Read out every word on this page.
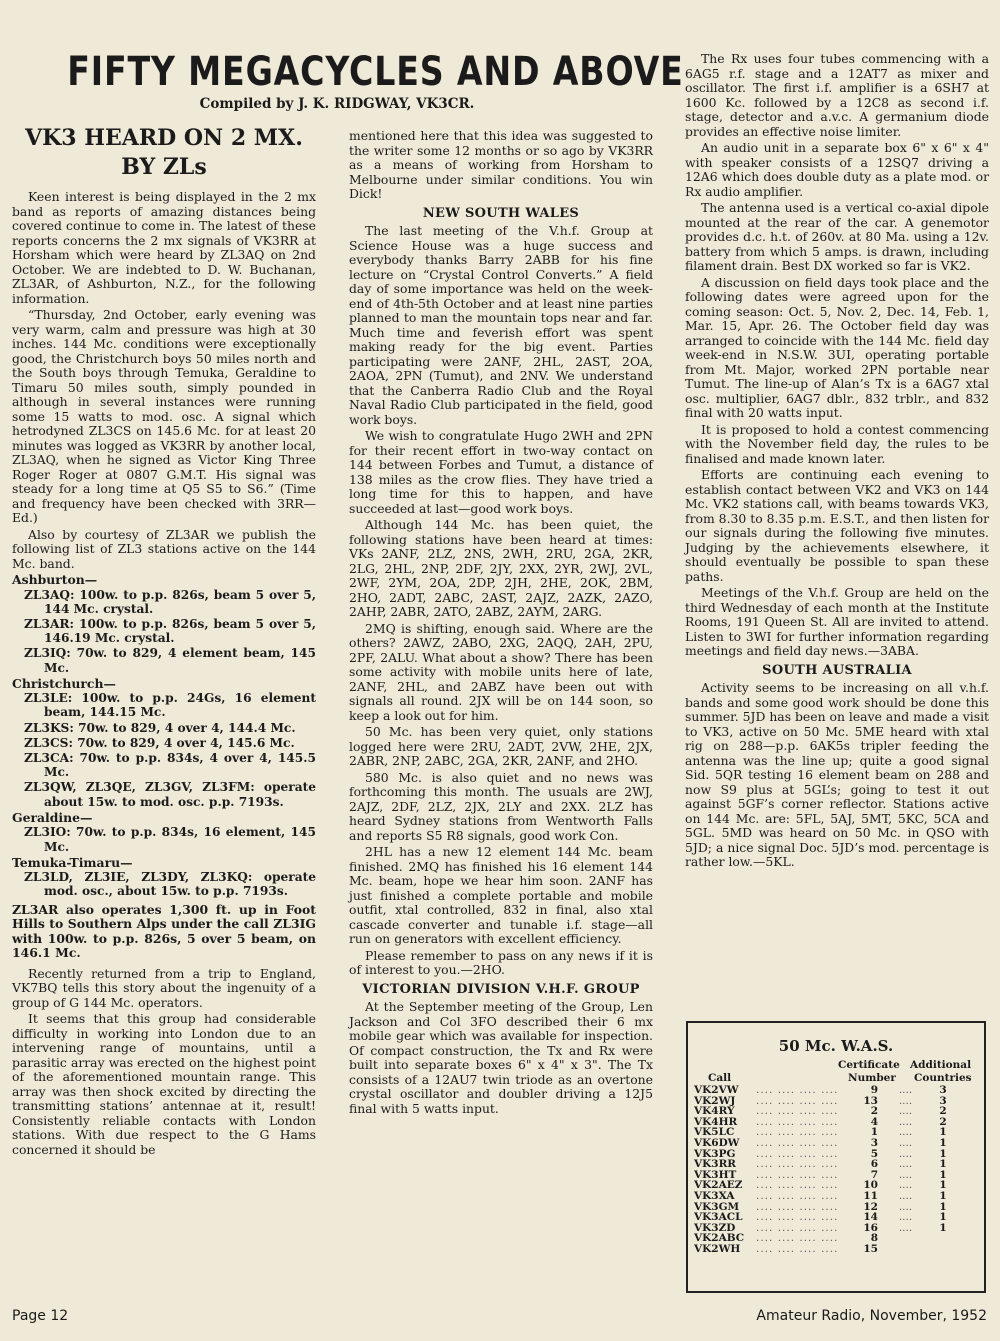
FIFTY MEGACYCLES AND ABOVE
Compiled by J. K. RIDGWAY, VK3CR.
VK3 HEARD ON 2 MX.
BY ZLs

Keen interest is being displayed in the 2 mx band as reports of amazing distances being covered continue to come in. The latest of these reports concerns the 2 mx signals of VK3RR at Horsham which were heard by ZL3AQ on 2nd October. We are indebted to D. W. Buchanan, ZL3AR, of Ashburton, N.Z., for the following information.

“Thursday, 2nd October, early evening was very warm, calm and pressure was high at 30 inches. 144 Mc. conditions were exceptionally good, the Christchurch boys 50 miles north and the South boys through Temuka, Geraldine to Timaru 50 miles south, simply pounded in although in several instances were running some 15 watts to mod. osc. A signal which hetrodyned ZL3CS on 145.6 Mc. for at least 20 minutes was logged as VK3RR by another local, ZL3AQ, when he signed as Victor King Three Roger Roger at 0807 G.M.T. His signal was steady for a long time at Q5 S5 to S6.” (Time and frequency have been checked with 3RR—Ed.)

Also by courtesy of ZL3AR we publish the following list of ZL3 stations active on the 144 Mc. band.

Ashburton—
ZL3AQ: 100w. to p.p. 826s, beam 5 over 5, 144 Mc. crystal.
ZL3AR: 100w. to p.p. 826s, beam 5 over 5, 146.19 Mc. crystal.
ZL3IQ: 70w. to 829, 4 element beam, 145 Mc.
Christchurch—
ZL3LE: 100w. to p.p. 24Gs, 16 element beam, 144.15 Mc.
ZL3KS: 70w. to 829, 4 over 4, 144.4 Mc.
ZL3CS: 70w. to 829, 4 over 4, 145.6 Mc.
ZL3CA: 70w. to p.p. 834s, 4 over 4, 145.5 Mc.
ZL3QW, ZL3QE, ZL3GV, ZL3FM: operate about 15w. to mod. osc. p.p. 7193s.
Geraldine—
ZL3IO: 70w. to p.p. 834s, 16 element, 145 Mc.
Temuka-Timaru—
ZL3LD, ZL3IE, ZL3DY, ZL3KQ: operate mod. osc., about 15w. to p.p. 7193s.

ZL3AR also operates 1,300 ft. up in Foot Hills to Southern Alps under the call ZL3IG with 100w. to p.p. 826s, 5 over 5 beam, on 146.1 Mc.

Recently returned from a trip to England, VK7BQ tells this story about the ingenuity of a group of G 144 Mc. operators.

It seems that this group had considerable difficulty in working into London due to an intervening range of mountains, until a parasitic array was erected on the highest point of the aforementioned mountain range. This array was then shock excited by directing the transmitting stations’ antennae at it, result! Consistently reliable contacts with London stations. With due respect to the G Hams concerned it should be

mentioned here that this idea was suggested to the writer some 12 months or so ago by VK3RR as a means of working from Horsham to Melbourne under similar conditions. You win Dick!

NEW SOUTH WALES

The last meeting of the V.h.f. Group at Science House was a huge success and everybody thanks Barry 2ABB for his fine lecture on “Crystal Control Converts.” A field day of some importance was held on the week-end of 4th-5th October and at least nine parties planned to man the mountain tops near and far. Much time and feverish effort was spent making ready for the big event. Parties participating were 2ANF, 2HL, 2AST, 2OA, 2AOA, 2PN (Tumut), and 2NV. We understand that the Canberra Radio Club and the Royal Naval Radio Club participated in the field, good work boys.

We wish to congratulate Hugo 2WH and 2PN for their recent effort in two-way contact on 144 between Forbes and Tumut, a distance of 138 miles as the crow flies. They have tried a long time for this to happen, and have succeeded at last—good work boys.

Although 144 Mc. has been quiet, the following stations have been heard at times: VKs 2ANF, 2LZ, 2NS, 2WH, 2RU, 2GA, 2KR, 2LG, 2HL, 2NP, 2DF, 2JY, 2XX, 2YR, 2WJ, 2VL, 2WF, 2YM, 2OA, 2DP, 2JH, 2HE, 2OK, 2BM, 2HO, 2ADT, 2ABC, 2AST, 2AJZ, 2AZK, 2AZO, 2AHP, 2ABR, 2ATO, 2ABZ, 2AYM, 2ARG.

2MQ is shifting, enough said. Where are the others? 2AWZ, 2ABO, 2XG, 2AQQ, 2AH, 2PU, 2PF, 2ALU. What about a show? There has been some activity with mobile units here of late, 2ANF, 2HL, and 2ABZ have been out with signals all round. 2JX will be on 144 soon, so keep a look out for him.

50 Mc. has been very quiet, only stations logged here were 2RU, 2ADT, 2VW, 2HE, 2JX, 2ABR, 2NP, 2ABC, 2GA, 2KR, 2ANF, and 2HO.

580 Mc. is also quiet and no news was forthcoming this month. The usuals are 2WJ, 2AJZ, 2DF, 2LZ, 2JX, 2LY and 2XX. 2LZ has heard Sydney stations from Wentworth Falls and reports S5 R8 signals, good work Con.

2HL has a new 12 element 144 Mc. beam finished. 2MQ has finished his 16 element 144 Mc. beam, hope we hear him soon. 2ANF has just finished a complete portable and mobile outfit, xtal controlled, 832 in final, also xtal cascade converter and tunable i.f. stage—all run on generators with excellent efficiency.

Please remember to pass on any news if it is of interest to you.—2HO.

VICTORIAN DIVISION V.H.F. GROUP

At the September meeting of the Group, Len Jackson and Col 3FO described their 6 mx mobile gear which was available for inspection. Of compact construction, the Tx and Rx were built into separate boxes 6" x 4" x 3". The Tx consists of a 12AU7 twin triode as an overtone crystal oscillator and doubler driving a 12J5 final with 5 watts input.

The Rx uses four tubes commencing with a 6AG5 r.f. stage and a 12AT7 as mixer and oscillator. The first i.f. amplifier is a 6SH7 at 1600 Kc. followed by a 12C8 as second i.f. stage, detector and a.v.c. A germanium diode provides an effective noise limiter.

An audio unit in a separate box 6" x 6" x 4" with speaker consists of a 12SQ7 driving a 12A6 which does double duty as a plate mod. or Rx audio amplifier.

The antenna used is a vertical co-axial dipole mounted at the rear of the car. A genemotor provides d.c. h.t. of 260v. at 80 Ma. using a 12v. battery from which 5 amps. is drawn, including filament drain. Best DX worked so far is VK2.

A discussion on field days took place and the following dates were agreed upon for the coming season: Oct. 5, Nov. 2, Dec. 14, Feb. 1, Mar. 15, Apr. 26. The October field day was arranged to coincide with the 144 Mc. field day week-end in N.S.W. 3UI, operating portable from Mt. Major, worked 2PN portable near Tumut. The line-up of Alan’s Tx is a 6AG7 xtal osc. multiplier, 6AG7 dblr., 832 trblr., and 832 final with 20 watts input.

It is proposed to hold a contest commencing with the November field day, the rules to be finalised and made known later.

Efforts are continuing each evening to establish contact between VK2 and VK3 on 144 Mc. VK2 stations call, with beams towards VK3, from 8.30 to 8.35 p.m. E.S.T., and then listen for our signals during the following five minutes. Judging by the achievements elsewhere, it should eventually be possible to span these paths.

Meetings of the V.h.f. Group are held on the third Wednesday of each month at the Institute Rooms, 191 Queen St. All are invited to attend. Listen to 3WI for further information regarding meetings and field day news.—3ABA.

SOUTH AUSTRALIA

Activity seems to be increasing on all v.h.f. bands and some good work should be done this summer. 5JD has been on leave and made a visit to VK3, active on 50 Mc. 5ME heard with xtal rig on 288—p.p. 6AK5s tripler feeding the antenna was the line up; quite a good signal Sid. 5QR testing 16 element beam on 288 and now S9 plus at 5GL’s; going to test it out against 5GF’s corner reflector. Stations active on 144 Mc. are: 5FL, 5AJ, 5MT, 5KC, 5CA and 5GL. 5MD was heard on 50 Mc. in QSO with 5JD; a nice signal Doc. 5JD’s mod. percentage is rather low.—5KL.

50 Mc. W.A.S.
Certificate Additional
Call	Number Countries
VK2VW	.... .... .... ....	9	....	3
VK2WJ	.... .... .... ....	13	....	3
VK4RY	.... .... .... ....	2	....	2
VK4HR	.... .... .... ....	4	....	2
VK5LC	.... .... .... ....	1	....	1
VK6DW	.... .... .... ....	3	....	1
VK3PG	.... .... .... ....	5	....	1
VK3RR	.... .... .... ....	6	....	1
VK3HT	.... .... .... ....	7	....	1
VK2AEZ	.... .... .... ....	10	....	1
VK3XA	.... .... .... ....	11	....	1
VK3GM	.... .... .... ....	12	....	1
VK3ACL	.... .... .... ....	14	....	1
VK3ZD	.... .... .... ....	16	....	1
VK2ABC	.... .... .... ....	8		
VK2WH	.... .... .... ....	15		
Page 12	Amateur Radio, November, 1952
